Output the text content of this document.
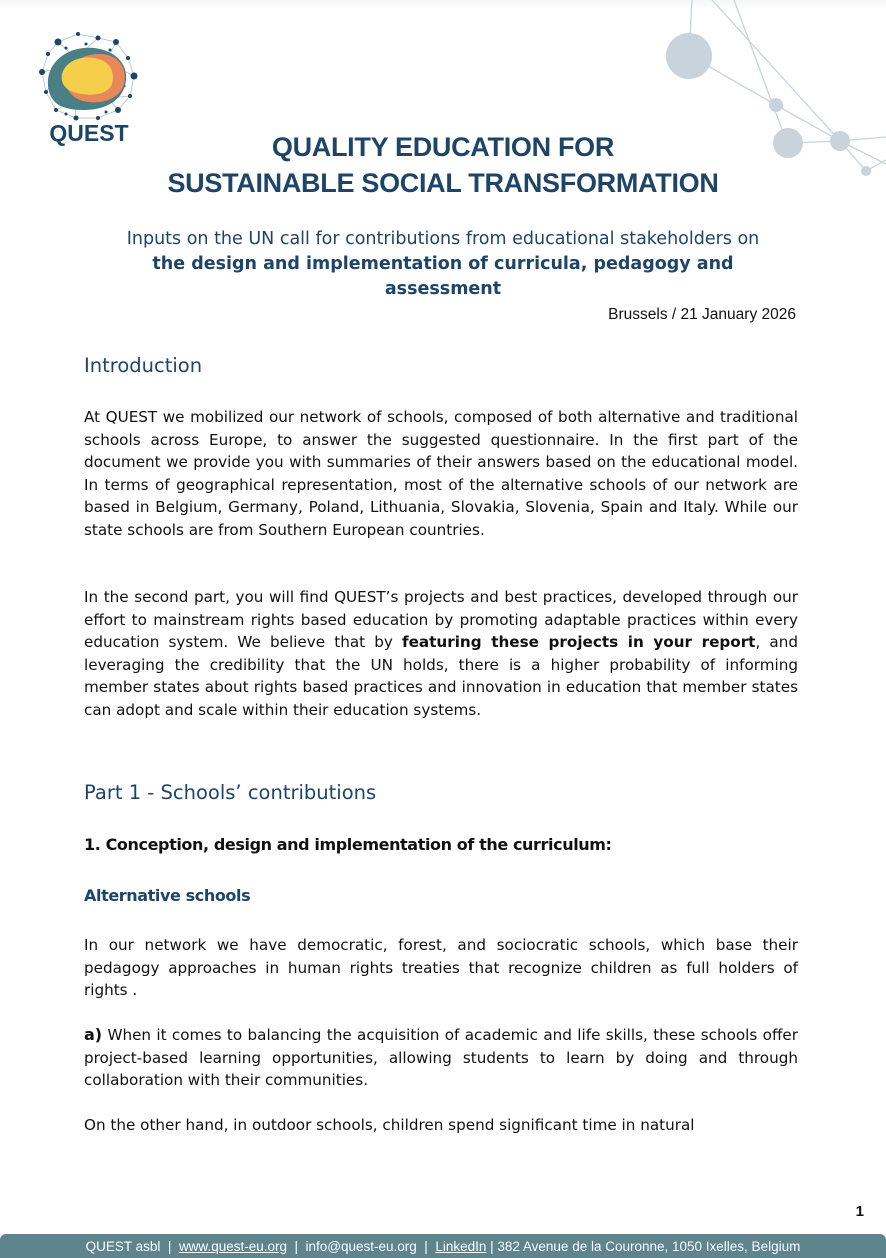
QUEST	QUALITY EDUCATION FOR
SUSTAINABLE SOCIAL TRANSFORMATION
Inputs on the UN call for contributions from educational stakeholders on
the design and implementation of curricula, pedagogy and
assessment
Brussels / 21 January 2026
Introduction

At QUEST we mobilized our network of schools, composed of both alternative and traditional schools across Europe, to answer the suggested questionnaire. In the first part of the document we provide you with summaries of their answers based on the educational model. In terms of geographical representation, most of the alternative schools of our network are based in Belgium, Germany, Poland, Lithuania, Slovakia, Slovenia, Spain and Italy. While our state schools are from Southern European countries.

In the second part, you will find QUEST’s projects and best practices, developed through our effort to mainstream rights based education by promoting adaptable practices within every education system. We believe that by featuring these projects in your report, and leveraging the credibility that the UN holds, there is a higher probability of informing member states about rights based practices and innovation in education that member states can adopt and scale within their education systems.

Part 1 - Schools’ contributions
1. Conception, design and implementation of the curriculum:
Alternative schools

In our network we have democratic, forest, and sociocratic schools, which base their pedagogy approaches in human rights treaties that recognize children as full holders of rights .

a) When it comes to balancing the acquisition of academic and life skills, these schools offer project-based learning opportunities, allowing students to learn by doing and through collaboration with their communities.

On the other hand, in outdoor schools, children spend significant time in natural

1
QUEST asbl | www.quest-eu.org | info@quest-eu.org | LinkedIn | 382 Avenue de la Couronne, 1050 Ixelles, Belgium
